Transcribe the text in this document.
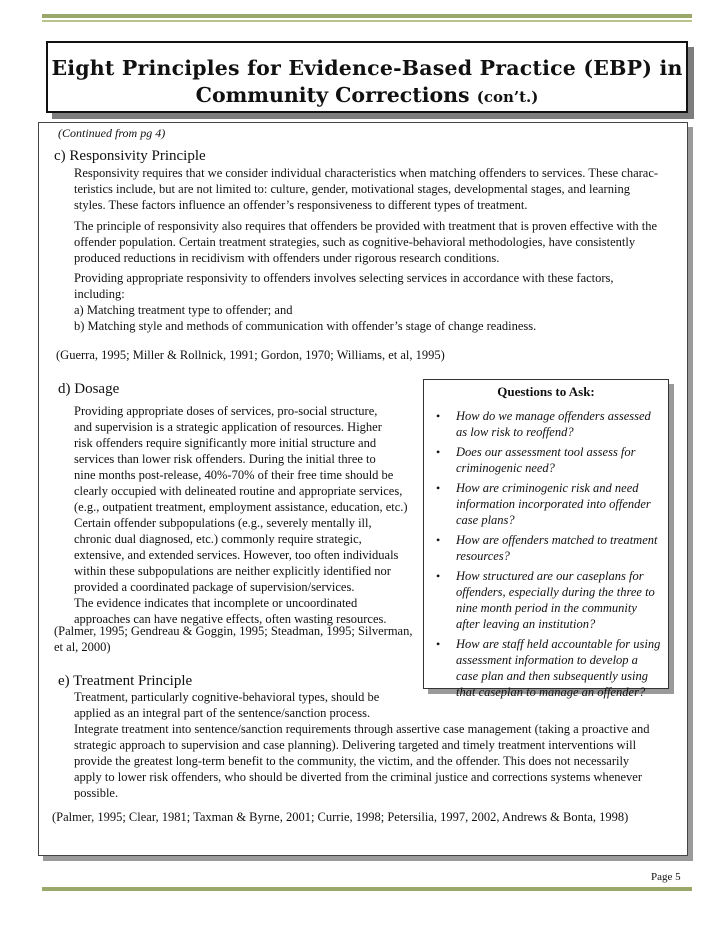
Eight Principles for Evidence-Based Practice (EBP) in
Community Corrections (con’t.)
(Continued from pg 4)
c) Responsivity Principle
Responsivity requires that we consider individual characteristics when matching offenders to services. These charac-
teristics include, but are not limited to: culture, gender, motivational stages, developmental stages, and learning
styles. These factors influence an offender’s responsiveness to different types of treatment.
The principle of responsivity also requires that offenders be provided with treatment that is proven effective with the
offender population. Certain treatment strategies, such as cognitive-behavioral methodologies, have consistently
produced reductions in recidivism with offenders under rigorous research conditions.
Providing appropriate responsivity to offenders involves selecting services in accordance with these factors,
including:
a) Matching treatment type to offender; and
b) Matching style and methods of communication with offender’s stage of change readiness.
(Guerra, 1995; Miller & Rollnick, 1991; Gordon, 1970; Williams, et al, 1995)
d) Dosage
Providing appropriate doses of services, pro-social structure,
and supervision is a strategic application of resources. Higher
risk offenders require significantly more initial structure and
services than lower risk offenders. During the initial three to
nine months post-release, 40%-70% of their free time should be
clearly occupied with delineated routine and appropriate services,
(e.g., outpatient treatment, employment assistance, education, etc.)
Certain offender subpopulations (e.g., severely mentally ill,
chronic dual diagnosed, etc.) commonly require strategic,
extensive, and extended services. However, too often individuals
within these subpopulations are neither explicitly identified nor
provided a coordinated package of supervision/services.
The evidence indicates that incomplete or uncoordinated
approaches can have negative effects, often wasting resources.
(Palmer, 1995; Gendreau & Goggin, 1995; Steadman, 1995; Silverman,
et al, 2000)
Questions to Ask:
• How do we manage offenders assessed
as low risk to reoffend?
• Does our assessment tool assess for
criminogenic need?
• How are criminogenic risk and need
information incorporated into offender
case plans?
• How are offenders matched to treatment
resources?
• How structured are our caseplans for
offenders, especially during the three to
nine month period in the community
after leaving an institution?
• How are staff held accountable for using
assessment information to develop a
case plan and then subsequently using
that caseplan to manage an offender?
e) Treatment Principle
Treatment, particularly cognitive-behavioral types, should be
applied as an integral part of the sentence/sanction process.
Integrate treatment into sentence/sanction requirements through assertive case management (taking a proactive and
strategic approach to supervision and case planning). Delivering targeted and timely treatment interventions will
provide the greatest long-term benefit to the community, the victim, and the offender. This does not necessarily
apply to lower risk offenders, who should be diverted from the criminal justice and corrections systems whenever
possible.
(Palmer, 1995; Clear, 1981; Taxman & Byrne, 2001; Currie, 1998; Petersilia, 1997, 2002, Andrews & Bonta, 1998)
Page 5
